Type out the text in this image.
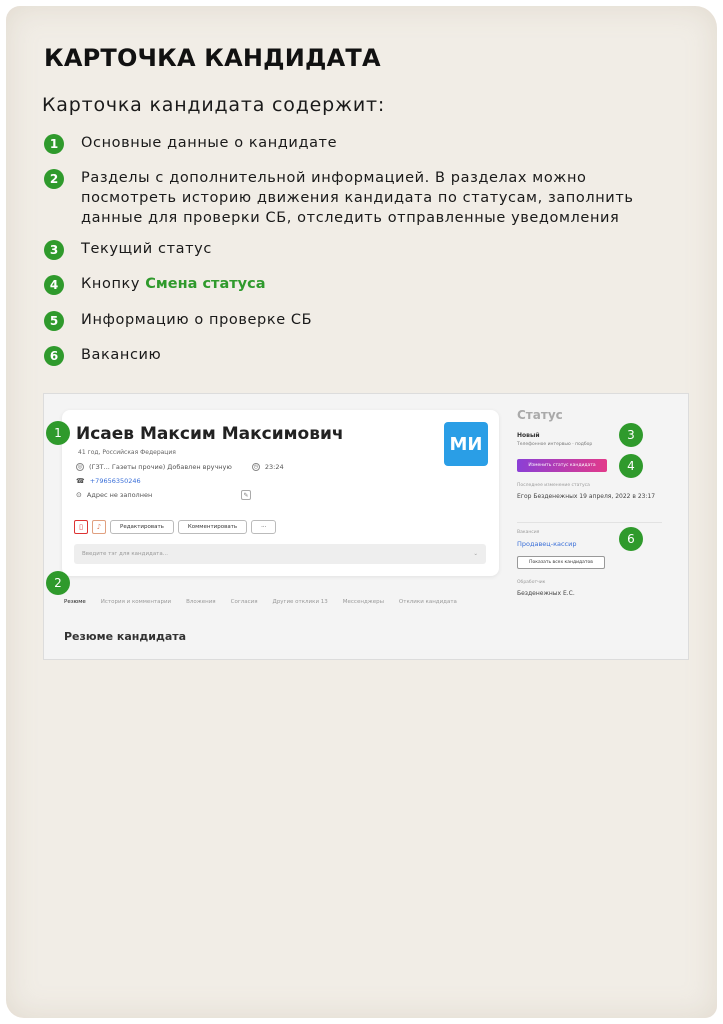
КАРТОЧКА КАНДИДАТА
Карточка кандидата содержит:
1	Основные данные о кандидате
2	Разделы с дополнительной информацией. В разделах можно посмотреть историю движения кандидата по статусам, заполнить данные для проверки СБ, отследить отправленные уведомления
3	Текущий статус
4	Кнопку Смена статуса
5	Информацию о проверке СБ
6	Вакансию
Исаев Максим Максимович
41 год, Российская Федерация
◎ (ГЗТ... Газеты прочие) Добавлен вручную	◷ 23:24
☎ +79656350246
⊙ Адрес не заполнен	✎
МИ
▯	♪	Редактировать	Комментировать	···
Введите тэг для кандидата...	⌄
Резюме	История и комментарии	Вложения	Согласия	Другие отклики 13	Мессенджеры	Отклики кандидата
Резюме кандидата
Статус
Новый
Телефонное интервью · подбор
Изменить статус кандидата
Последнее изменение статуса
Егор Безденежных 19 апреля, 2022 в 23:17
Вакансия
Продавец-кассир
Показать всех кандидатов
Обработчик
Безденежных Е.С.
1
2
3
4
6
